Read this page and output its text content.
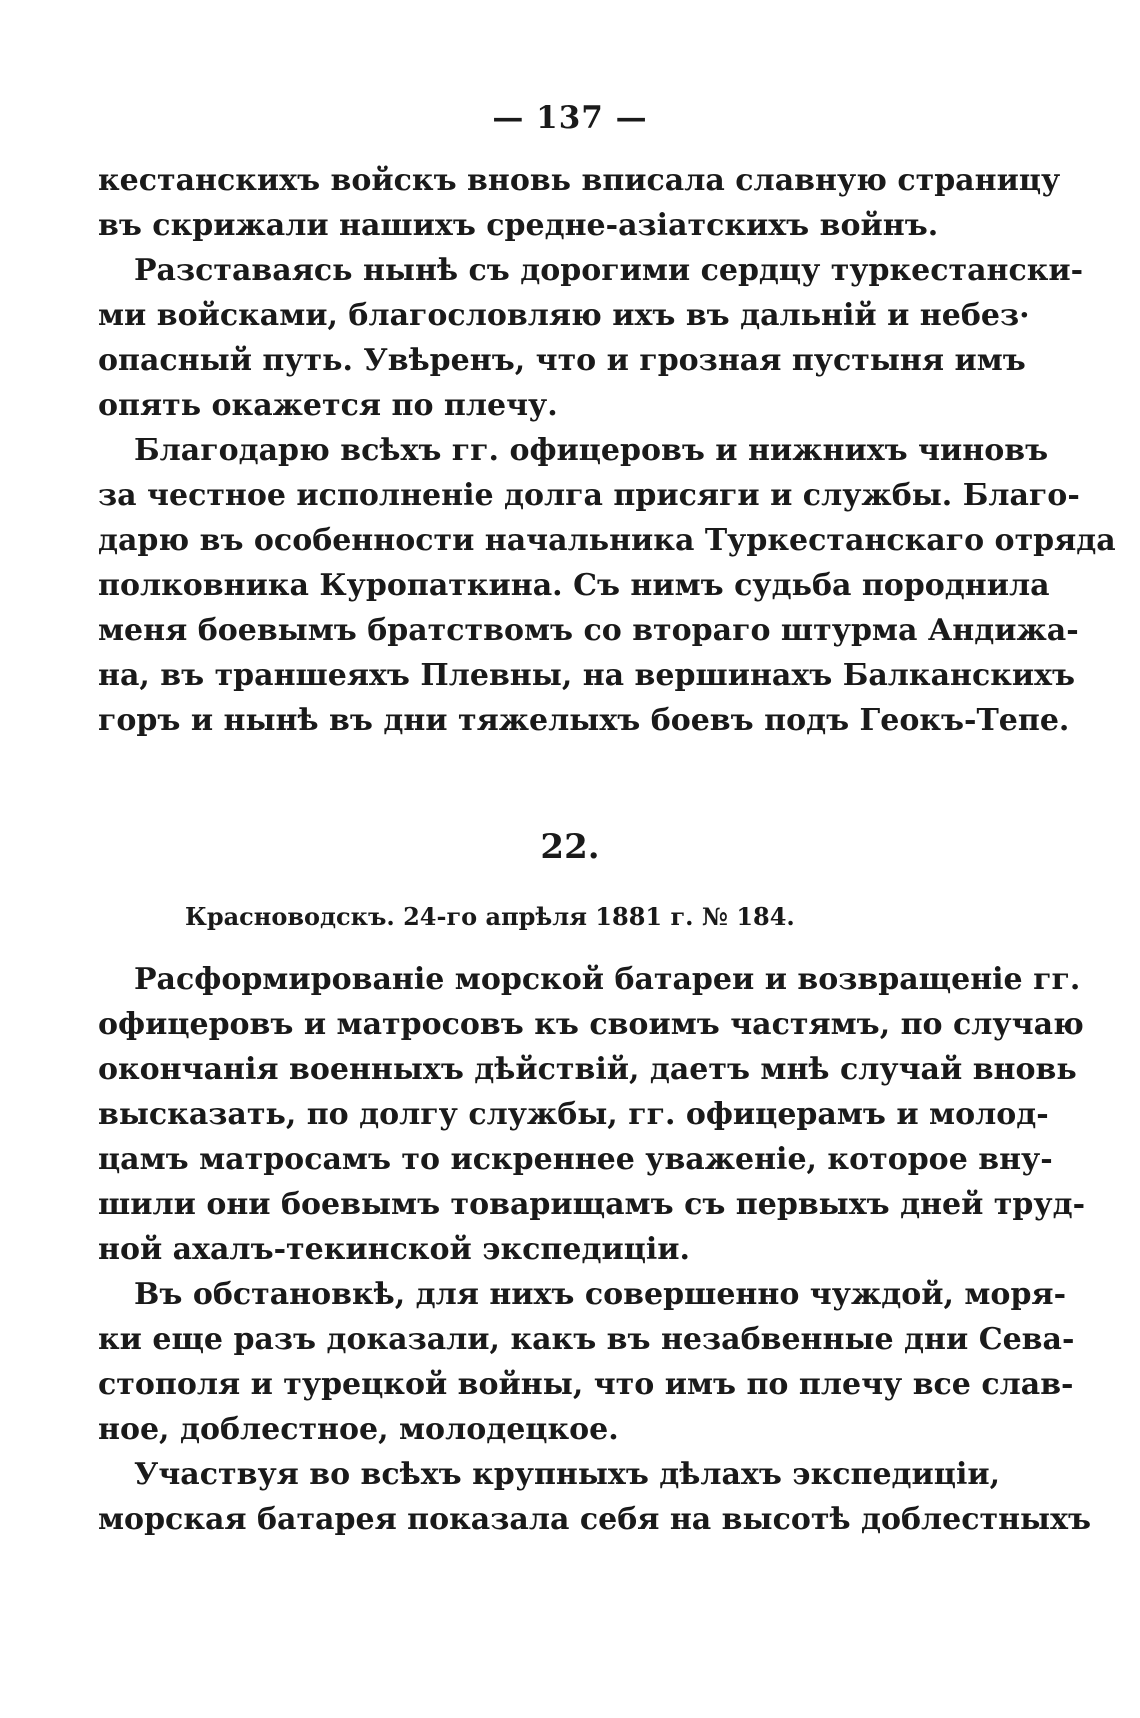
— 137 —
кестанскихъ войскъ вновь вписала славную страницу
въ скрижали нашихъ средне-азiатскихъ войнъ.
Разставаясь нынѣ съ дорогими сердцу туркестански-
ми войсками, благословляю ихъ въ дальнiй и небез·
опасный путь. Увѣренъ, что и грозная пустыня имъ
опять окажется по плечу.
Благодарю всѣхъ гг. офицеровъ и нижнихъ чиновъ
за честное исполненiе долга присяги и службы. Благо-
дарю въ особенности начальника Туркестанскаго отряда
полковника Куропаткина. Съ нимъ судьба породнила
меня боевымъ братствомъ со втораго штурма Андижа-
на, въ траншеяхъ Плевны, на вершинахъ Балканскихъ
горъ и нынѣ въ дни тяжелыхъ боевъ подъ Геокъ-Тепе.
22.
Красноводскъ. 24-го апрѣля 1881 г. № 184.
Расформированiе морской батареи и возвращенiе гг.
офицеровъ и матросовъ къ своимъ частямъ, по случаю
окончанiя военныхъ дѣйствiй, даетъ мнѣ случай вновь
высказать, по долгу службы, гг. офицерамъ и молод-
цамъ матросамъ то искреннее уваженiе, которое вну-
шили они боевымъ товарищамъ съ первыхъ дней труд-
ной ахалъ-текинской экспедицiи.
Въ обстановкѣ, для нихъ совершенно чуждой, моря-
ки еще разъ доказали, какъ въ незабвенные дни Сева-
стополя и турецкой войны, что имъ по плечу все слав-
ное, доблестное, молодецкое.
Участвуя во всѣхъ крупныхъ дѣлахъ экспедицiи,
морская батарея показала себя на высотѣ доблестныхъ
